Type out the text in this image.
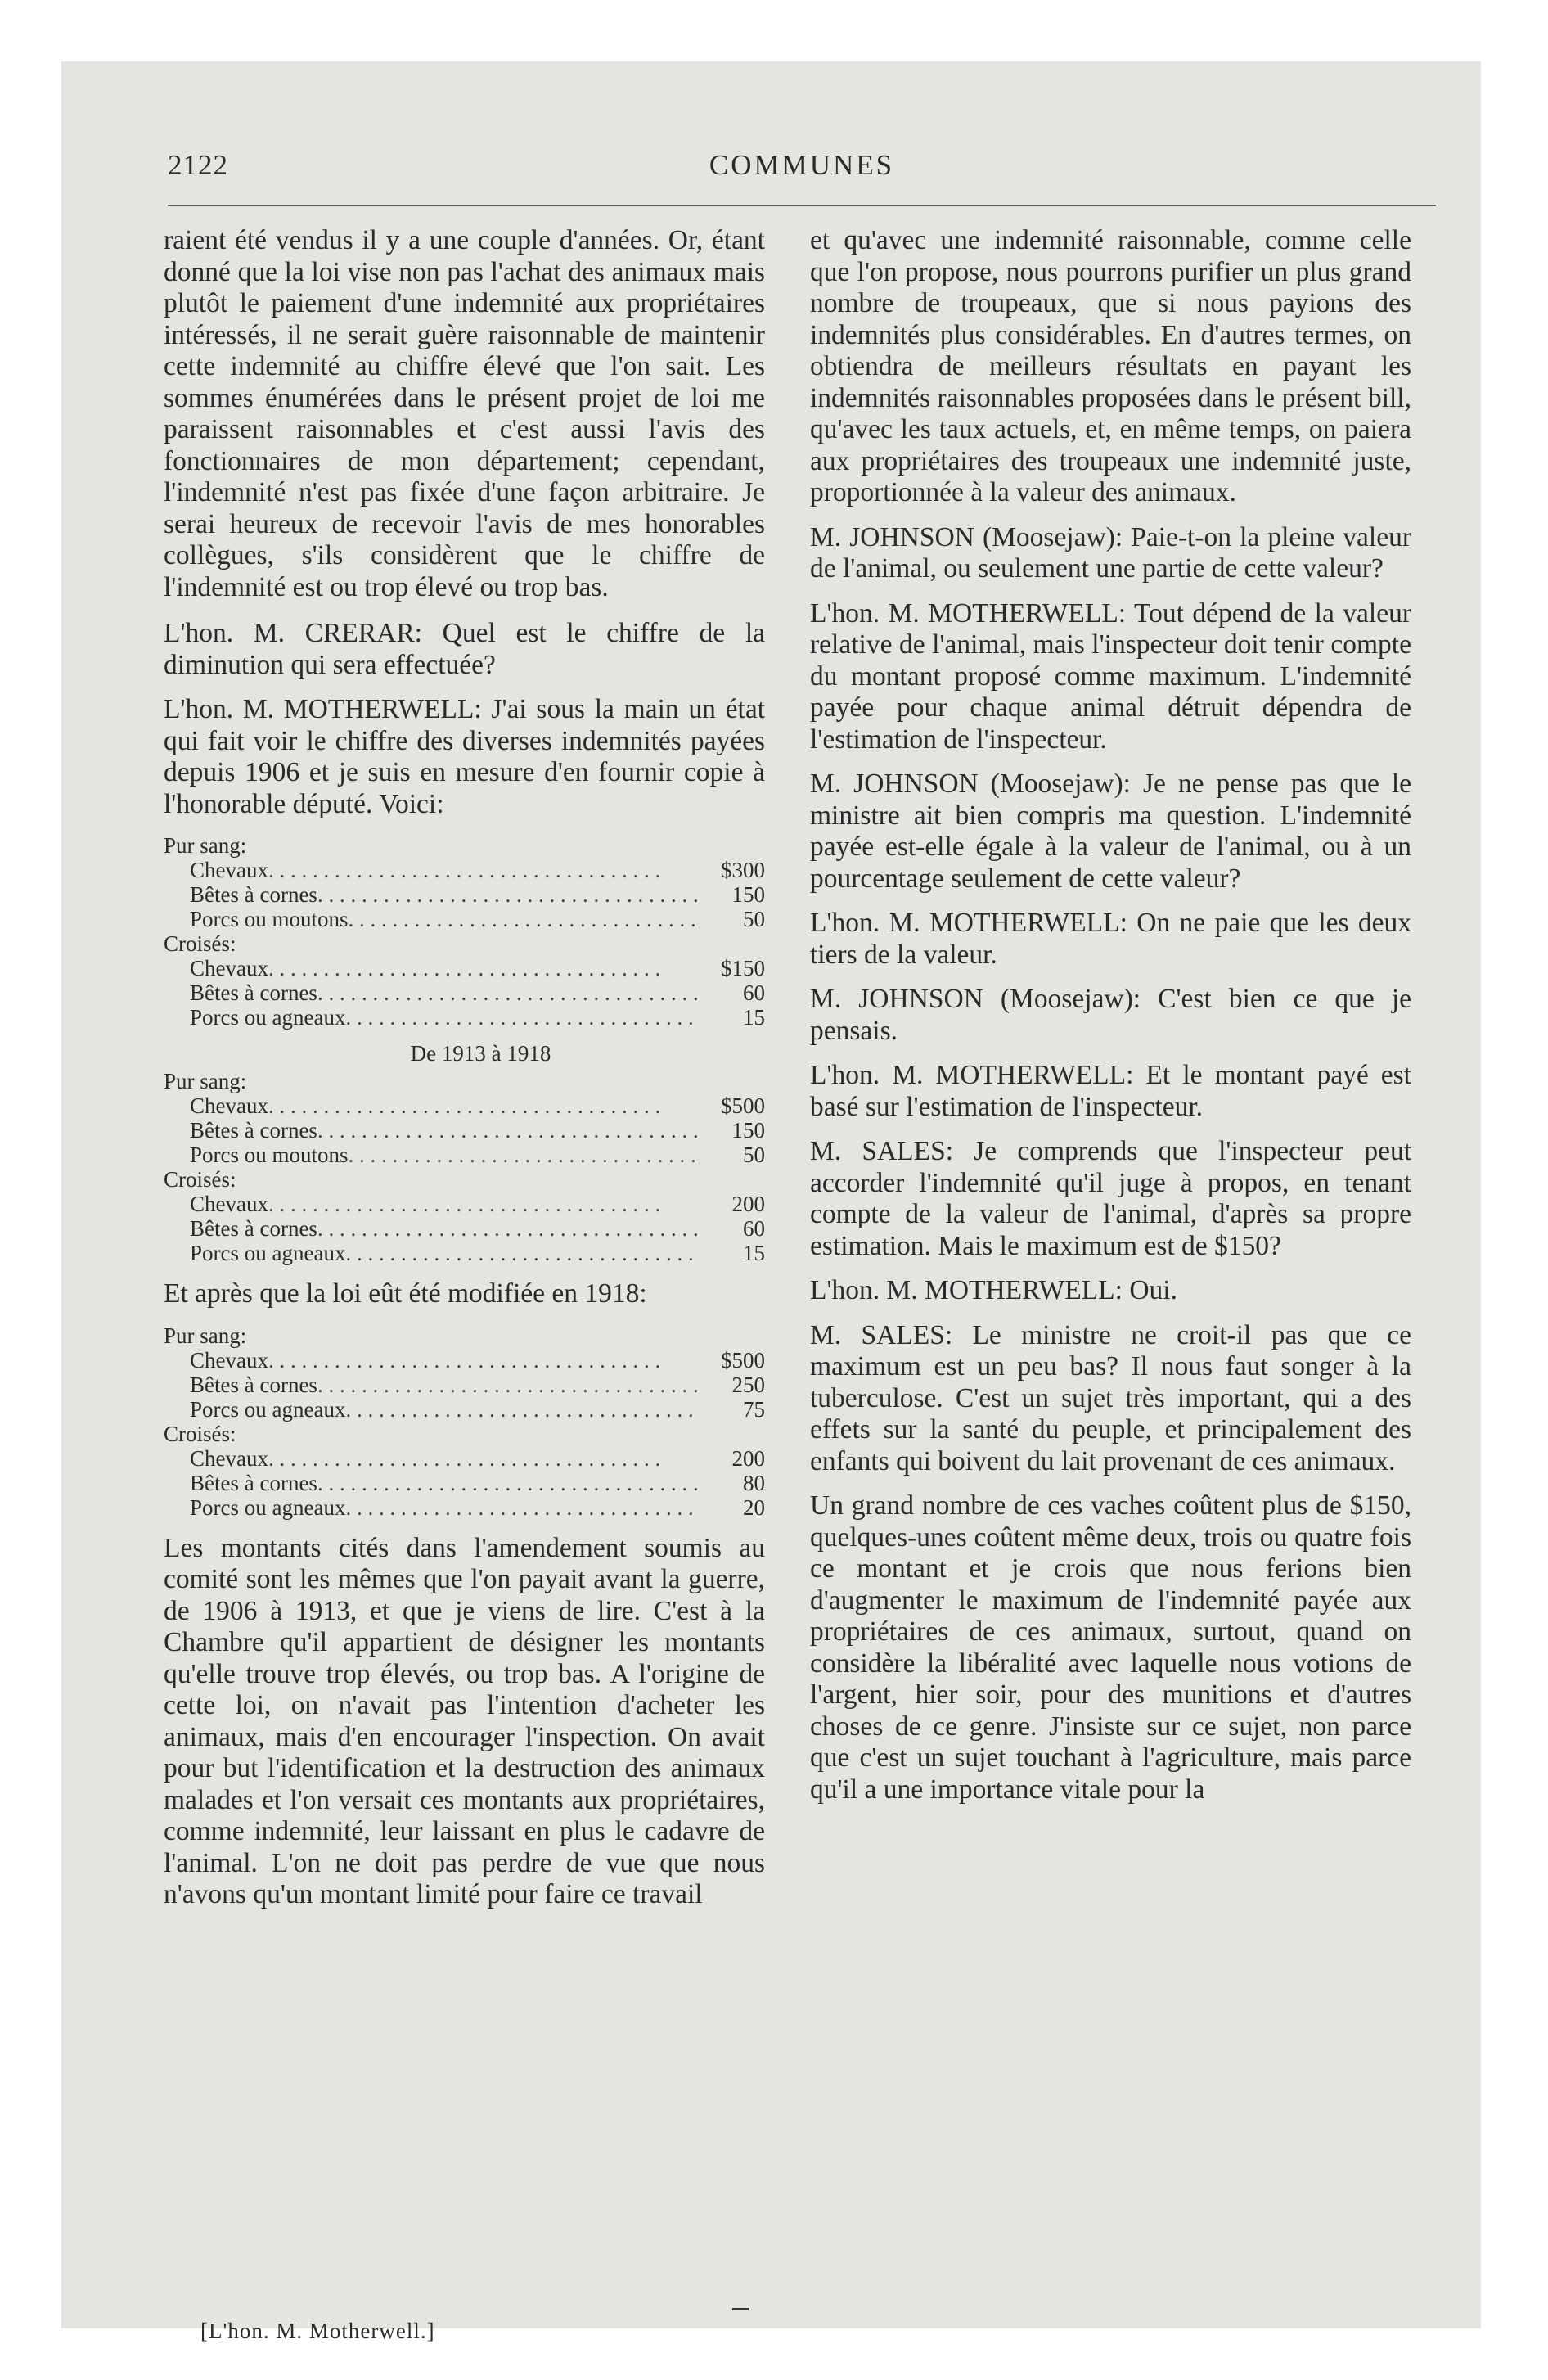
2122	COMMUNES

raient été vendus il y a une couple d'années. Or, étant donné que la loi vise non pas l'achat des animaux mais plutôt le paiement d'une indemnité aux propriétaires intéressés, il ne serait guère raisonnable de maintenir cette indemnité au chiffre élevé que l'on sait. Les sommes énumérées dans le présent projet de loi me paraissent raisonnables et c'est aussi l'avis des fonctionnaires de mon département; cependant, l'indemnité n'est pas fixée d'une façon arbitraire. Je serai heureux de recevoir l'avis de mes honorables collègues, s'ils considèrent que le chiffre de l'indemnité est ou trop élevé ou trop bas.

L'hon. M. CRERAR: Quel est le chiffre de la diminution qui sera effectuée?

L'hon. M. MOTHERWELL: J'ai sous la main un état qui fait voir le chiffre des diverses indemnités payées depuis 1906 et je suis en mesure d'en fournir copie à l'honorable député. Voici:

Pur sang:
Chevaux . . .	$300
Bêtes à cornes . . .	150
Porcs ou moutons . . .	50
Croisés:
Chevaux . . .	$150
Bêtes à cornes . . .	60
Porcs ou agneaux . . .	15
De 1913 à 1918
Pur sang:
Chevaux . . .	$500
Bêtes à cornes . . .	150
Porcs ou moutons . . .	50
Croisés:
Chevaux . . .	200
Bêtes à cornes . . .	60
Porcs ou agneaux . . .	15

Et après que la loi eût été modifiée en 1918:

Pur sang:
Chevaux . . .	$500
Bêtes à cornes . . .	250
Porcs ou agneaux . . .	75
Croisés:
Chevaux . . .	200
Bêtes à cornes . . .	80
Porcs ou agneaux . . .	20

Les montants cités dans l'amendement soumis au comité sont les mêmes que l'on payait avant la guerre, de 1906 à 1913, et que je viens de lire. C'est à la Chambre qu'il appartient de désigner les montants qu'elle trouve trop élevés, ou trop bas. A l'origine de cette loi, on n'avait pas l'intention d'acheter les animaux, mais d'en encourager l'inspection. On avait pour but l'identification et la destruction des animaux malades et l'on versait ces montants aux propriétaires, comme indemnité, leur laissant en plus le cadavre de l'animal. L'on ne doit pas perdre de vue que nous n'avons qu'un montant limité pour faire ce travail

et qu'avec une indemnité raisonnable, comme celle que l'on propose, nous pourrons purifier un plus grand nombre de troupeaux, que si nous payions des indemnités plus considérables. En d'autres termes, on obtiendra de meilleurs résultats en payant les indemnités raisonnables proposées dans le présent bill, qu'avec les taux actuels, et, en même temps, on paiera aux propriétaires des troupeaux une indemnité juste, proportionnée à la valeur des animaux.

M. JOHNSON (Moosejaw): Paie-t-on la pleine valeur de l'animal, ou seulement une partie de cette valeur?

L'hon. M. MOTHERWELL: Tout dépend de la valeur relative de l'animal, mais l'inspecteur doit tenir compte du montant proposé comme maximum. L'indemnité payée pour chaque animal détruit dépendra de l'estimation de l'inspecteur.

M. JOHNSON (Moosejaw): Je ne pense pas que le ministre ait bien compris ma question. L'indemnité payée est-elle égale à la valeur de l'animal, ou à un pourcentage seulement de cette valeur?

L'hon. M. MOTHERWELL: On ne paie que les deux tiers de la valeur.

M. JOHNSON (Moosejaw): C'est bien ce que je pensais.

L'hon. M. MOTHERWELL: Et le montant payé est basé sur l'estimation de l'inspecteur.

M. SALES: Je comprends que l'inspecteur peut accorder l'indemnité qu'il juge à propos, en tenant compte de la valeur de l'animal, d'après sa propre estimation. Mais le maximum est de $150?

L'hon. M. MOTHERWELL: Oui.

M. SALES: Le ministre ne croit-il pas que ce maximum est un peu bas? Il nous faut songer à la tuberculose. C'est un sujet très important, qui a des effets sur la santé du peuple, et principalement des enfants qui boivent du lait provenant de ces animaux.

Un grand nombre de ces vaches coûtent plus de $150, quelques-unes coûtent même deux, trois ou quatre fois ce montant et je crois que nous ferions bien d'augmenter le maximum de l'indemnité payée aux propriétaires de ces animaux, surtout, quand on considère la libéralité avec laquelle nous votions de l'argent, hier soir, pour des munitions et d'autres choses de ce genre. J'insiste sur ce sujet, non parce que c'est un sujet touchant à l'agriculture, mais parce qu'il a une importance vitale pour la

[L'hon. M. Motherwell.]
